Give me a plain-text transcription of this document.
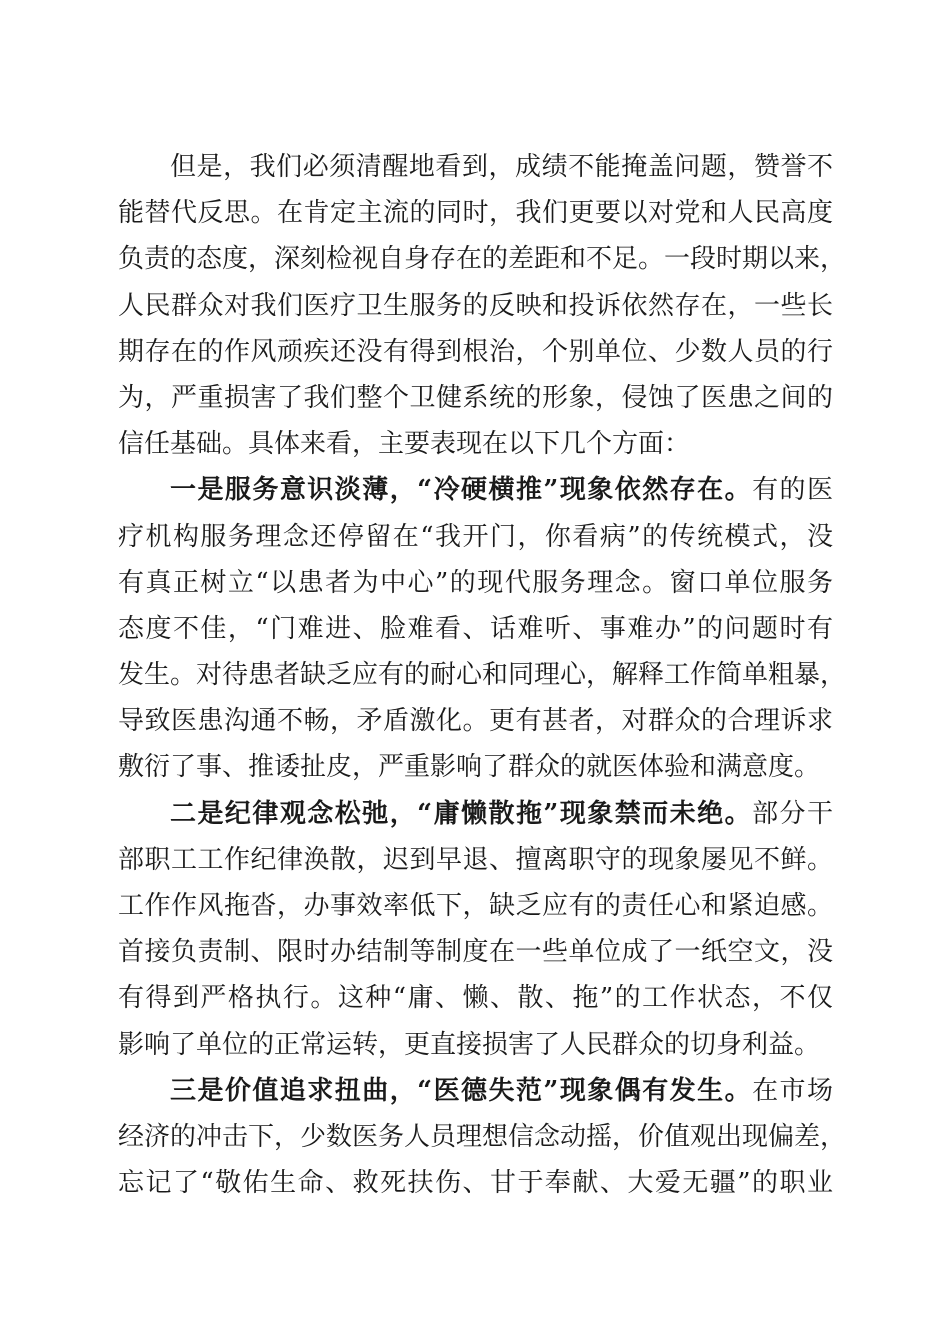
但是，我们必须清醒地看到，成绩不能掩盖问题，赞誉不
能替代反思。在肯定主流的同时，我们更要以对党和人民高度
负责的态度，深刻检视自身存在的差距和不足。一段时期以来，
人民群众对我们医疗卫生服务的反映和投诉依然存在，一些长
期存在的作风顽疾还没有得到根治，个别单位、少数人员的行
为，严重损害了我们整个卫健系统的形象，侵蚀了医患之间的
信任基础。具体来看，主要表现在以下几个方面：
一是服务意识淡薄，“冷硬横推”现象依然存在。有的医
疗机构服务理念还停留在“我开门，你看病”的传统模式，没
有真正树立“以患者为中心”的现代服务理念。窗口单位服务
态度不佳，“门难进、脸难看、话难听、事难办”的问题时有
发生。对待患者缺乏应有的耐心和同理心，解释工作简单粗暴，
导致医患沟通不畅，矛盾激化。更有甚者，对群众的合理诉求
敷衍了事、推诿扯皮，严重影响了群众的就医体验和满意度。
二是纪律观念松弛，“庸懒散拖”现象禁而未绝。部分干
部职工工作纪律涣散，迟到早退、擅离职守的现象屡见不鲜。
工作作风拖沓，办事效率低下，缺乏应有的责任心和紧迫感。
首接负责制、限时办结制等制度在一些单位成了一纸空文，没
有得到严格执行。这种“庸、懒、散、拖”的工作状态，不仅
影响了单位的正常运转，更直接损害了人民群众的切身利益。
三是价值追求扭曲，“医德失范”现象偶有发生。在市场
经济的冲击下，少数医务人员理想信念动摇，价值观出现偏差，
忘记了“敬佑生命、救死扶伤、甘于奉献、大爱无疆”的职业
